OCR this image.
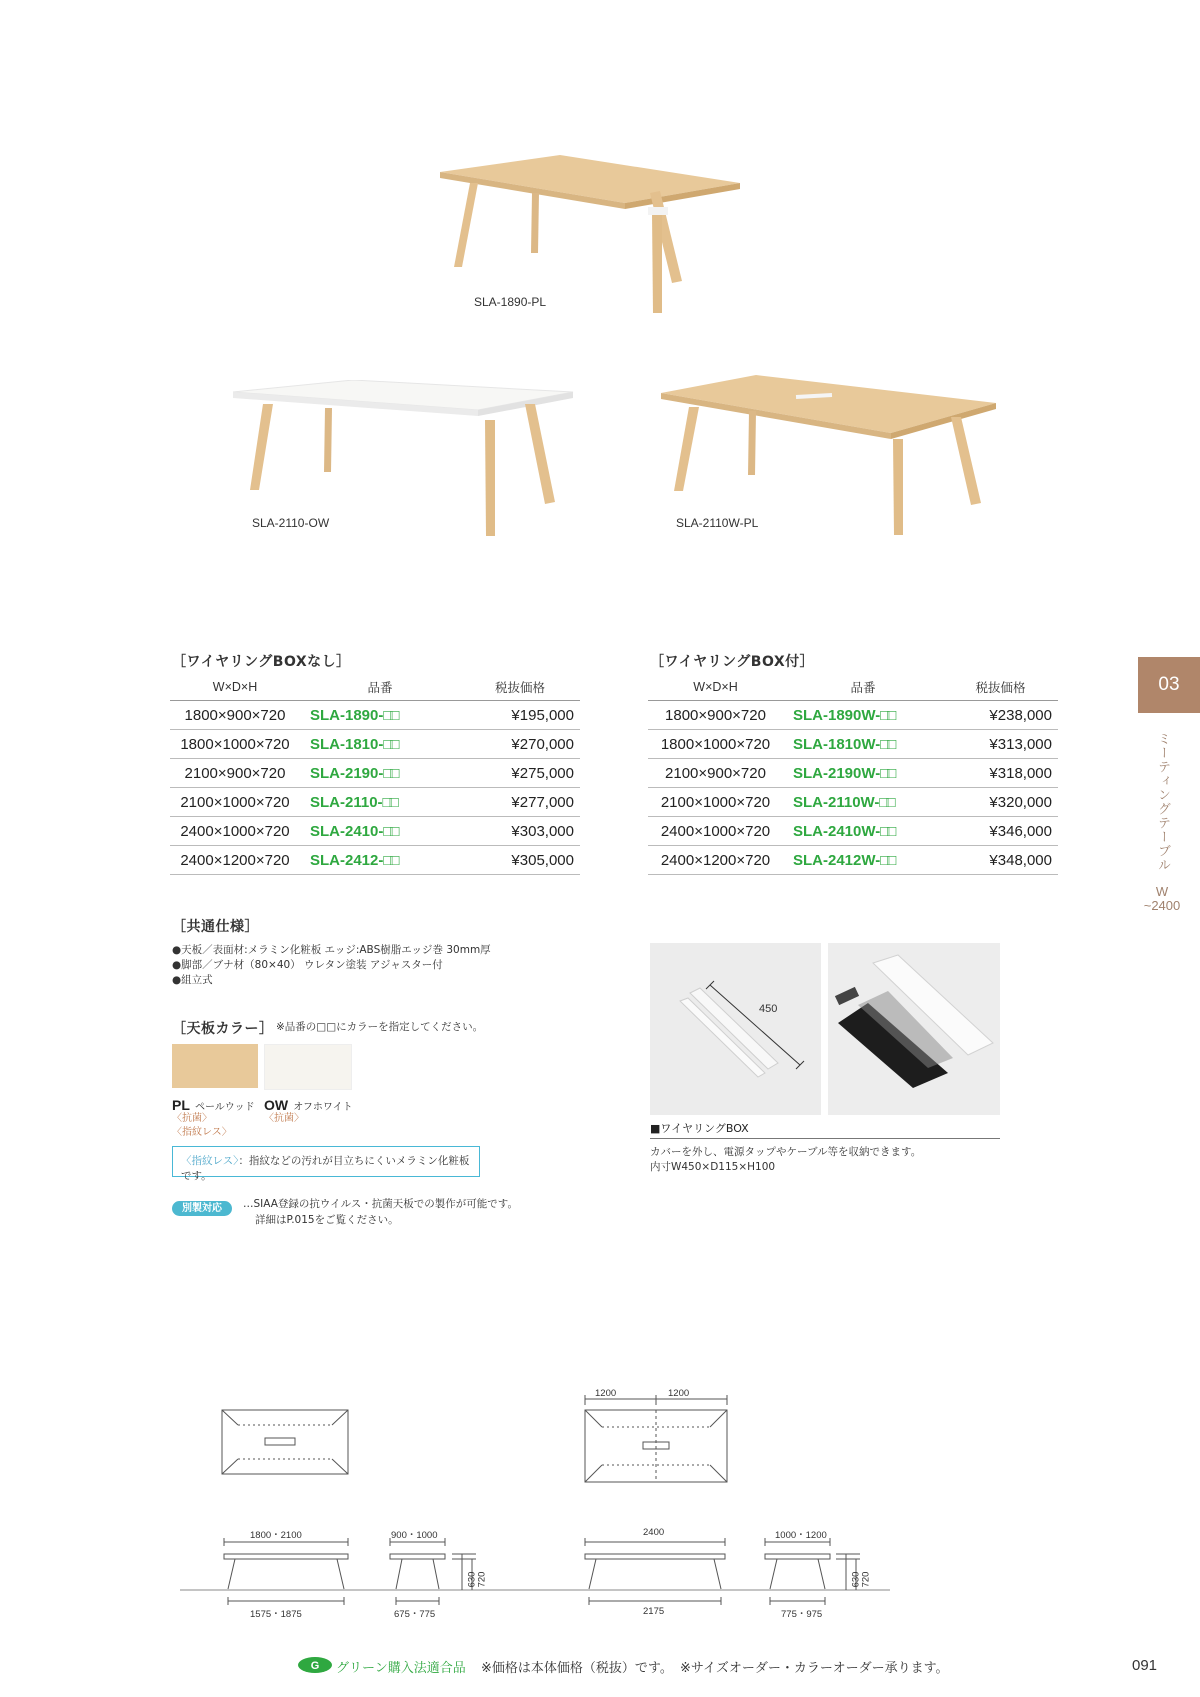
SLA-1890-PL
SLA-2110-OW	SLA-2110W-PL
［ワイヤリングBOXなし］
W×D×H	品番	税抜価格
1800×900×720	SLA-1890-□□	¥195,000
1800×1000×720	SLA-1810-□□	¥270,000
2100×900×720	SLA-2190-□□	¥275,000
2100×1000×720	SLA-2110-□□	¥277,000
2400×1000×720	SLA-2410-□□	¥303,000
2400×1200×720	SLA-2412-□□	¥305,000
［ワイヤリングBOX付］
W×D×H	品番	税抜価格
1800×900×720	SLA-1890W-□□	¥238,000
1800×1000×720	SLA-1810W-□□	¥313,000
2100×900×720	SLA-2190W-□□	¥318,000
2100×1000×720	SLA-2110W-□□	¥320,000
2400×1000×720	SLA-2410W-□□	¥346,000
2400×1200×720	SLA-2412W-□□	¥348,000
03
ミーティングテーブル
W
~2400
［共通仕様］
●天板／表面材:メラミン化粧板 エッジ:ABS樹脂エッジ巻 30mm厚
●脚部／ブナ材（80×40） ウレタン塗装 アジャスター付
●組立式
［天板カラー］ ※品番の□□にカラーを指定してください。
PL ペールウッド
〈抗菌〉
〈指紋レス〉
OW オフホワイト
〈抗菌〉
〈指紋レス〉：指紋などの汚れが目立ちにくいメラミン化粧板です。
別製対応	…SIAA登録の抗ウイルス・抗菌天板での製作が可能です。
詳細はP.015をご覧ください。
450
■ワイヤリングBOX
カバーを外し、電源タップやケーブル等を収納できます。
内寸W450×D115×H100
1200	1200
1800・2100
1575・1875
900・1000
675・775
630 720
2400
2175
1000・1200
775・975
630 720
G グリーン購入法適合品 ※価格は本体価格（税抜）です。 ※サイズオーダー・カラーオーダー承ります。	091
